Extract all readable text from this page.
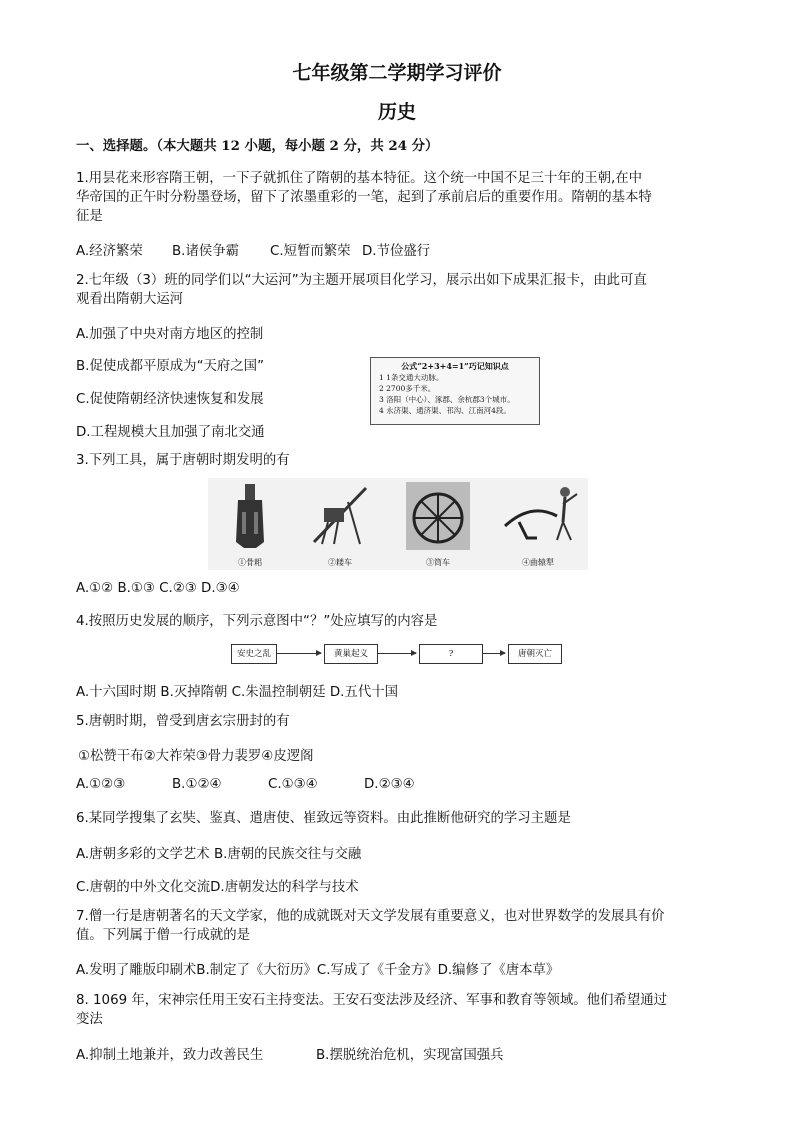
七年级第二学期学习评价
历史
一、选择题。（本大题共 12 小题，每小题 2 分，共 24 分）
1.用昙花来形容隋王朝，一下子就抓住了隋朝的基本特征。这个统一中国不足三十年的王朝,在中
华帝国的正午时分粉墨登场，留下了浓墨重彩的一笔，起到了承前启后的重要作用。隋朝的基本特
征是
A.经济繁荣 B.诸侯争霸 C.短暂而繁荣 D.节俭盛行
2.七年级（3）班的同学们以“大运河”为主题开展项目化学习，展示出如下成果汇报卡，由此可直
观看出隋朝大运河
A.加强了中央对南方地区的控制
B.促使成都平原成为“天府之国”
C.促使隋朝经济快速恢复和发展
D.工程规模大且加强了南北交通
公式“2+3+4=1”巧记知识点
1 1条交通大动脉。
2 2700多千米。
3 洛阳（中心）、涿郡、余杭郡3个城市。
4 永济渠、通济渠、邗沟、江南河4段。
3.下列工具，属于唐朝时期发明的有
①骨耜	②耧车	③筒车	④曲辕犁
A.①② B.①③ C.②③ D.③④
4.按照历史发展的顺序，下列示意图中“？”处应填写的内容是
安史之乱	黄巢起义	?	唐朝灭亡
A.十六国时期 B.灭掉隋朝 C.朱温控制朝廷 D.五代十国
5.唐朝时期，曾受到唐玄宗册封的有
①松赞干布②大祚荣③骨力裴罗④皮逻阁
A.①②③	B.①②④	C.①③④	D.②③④
6.某同学搜集了玄奘、鉴真、遣唐使、崔致远等资料。由此推断他研究的学习主题是
A.唐朝多彩的文学艺术 B.唐朝的民族交往与交融
C.唐朝的中外文化交流D.唐朝发达的科学与技术
7.僧一行是唐朝著名的天文学家，他的成就既对天文学发展有重要意义，也对世界数学的发展具有价
值。下列属于僧一行成就的是
A.发明了雕版印刷术B.制定了《大衍历》C.写成了《千金方》D.编修了《唐本草》
8. 1069 年，宋神宗任用王安石主持变法。王安石变法涉及经济、军事和教育等领域。他们希望通过
变法
A.抑制土地兼并，致力改善民生	B.摆脱统治危机，实现富国强兵
